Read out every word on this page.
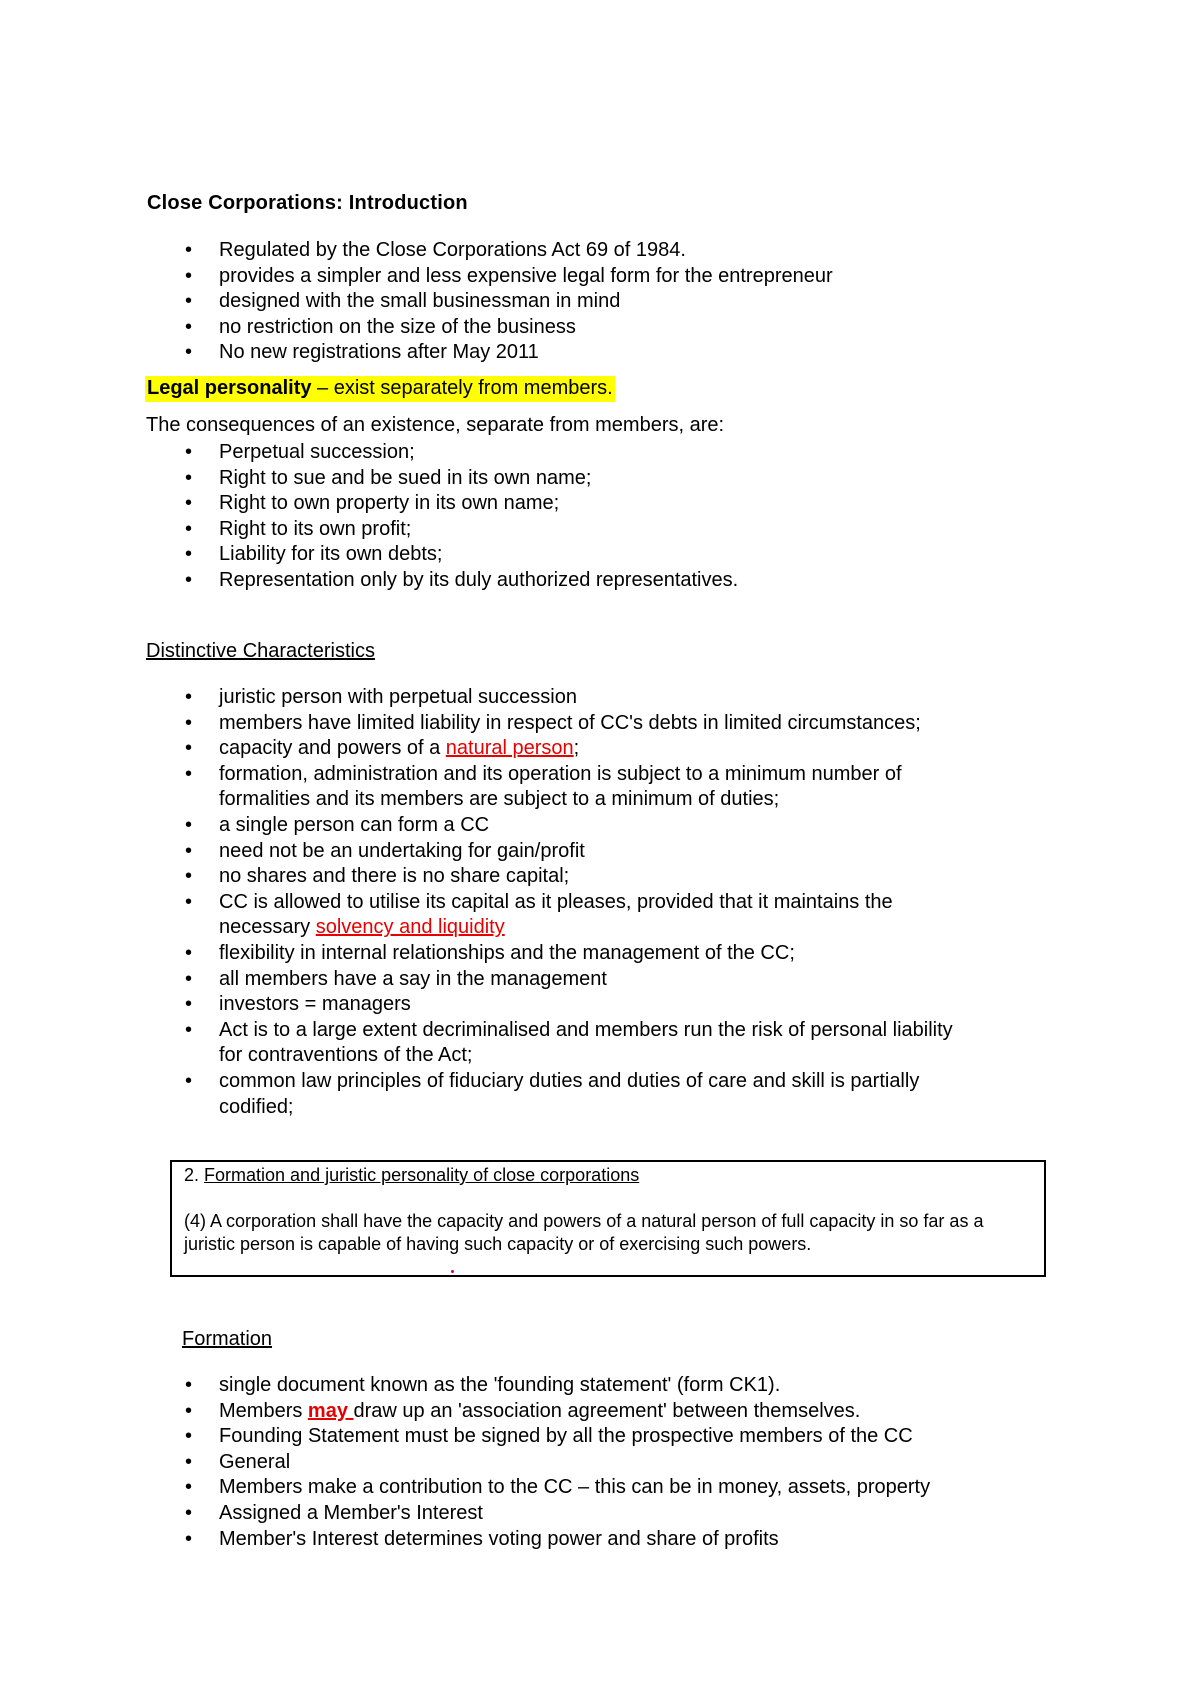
Close Corporations: Introduction
• Regulated by the Close Corporations Act 69 of 1984.
• provides a simpler and less expensive legal form for the entrepreneur
• designed with the small businessman in mind
• no restriction on the size of the business
• No new registrations after May 2011
Legal personality – exist separately from members.
The consequences of an existence, separate from members, are:
• Perpetual succession;
• Right to sue and be sued in its own name;
• Right to own property in its own name;
• Right to its own profit;
• Liability for its own debts;
• Representation only by its duly authorized representatives.
Distinctive Characteristics
• juristic person with perpetual succession
• members have limited liability in respect of CC's debts in limited circumstances;
• capacity and powers of a natural person;
• formation, administration and its operation is subject to a minimum number of
formalities and its members are subject to a minimum of duties;
• a single person can form a CC
• need not be an undertaking for gain/profit
• no shares and there is no share capital;
• CC is allowed to utilise its capital as it pleases, provided that it maintains the
necessary solvency and liquidity
• flexibility in internal relationships and the management of the CC;
• all members have a say in the management
• investors = managers
• Act is to a large extent decriminalised and members run the risk of personal liability
for contraventions of the Act;
• common law principles of fiduciary duties and duties of care and skill is partially
codified;
2. Formation and juristic personality of close corporations
(4) A corporation shall have the capacity and powers of a natural person of full capacity in so far as a juristic person is capable of having such capacity or of exercising such powers.
Formation
• single document known as the 'founding statement' (form CK1).
• Members may draw up an 'association agreement' between themselves.
• Founding Statement must be signed by all the prospective members of the CC
• General
• Members make a contribution to the CC – this can be in money, assets, property
• Assigned a Member's Interest
• Member's Interest determines voting power and share of profits
